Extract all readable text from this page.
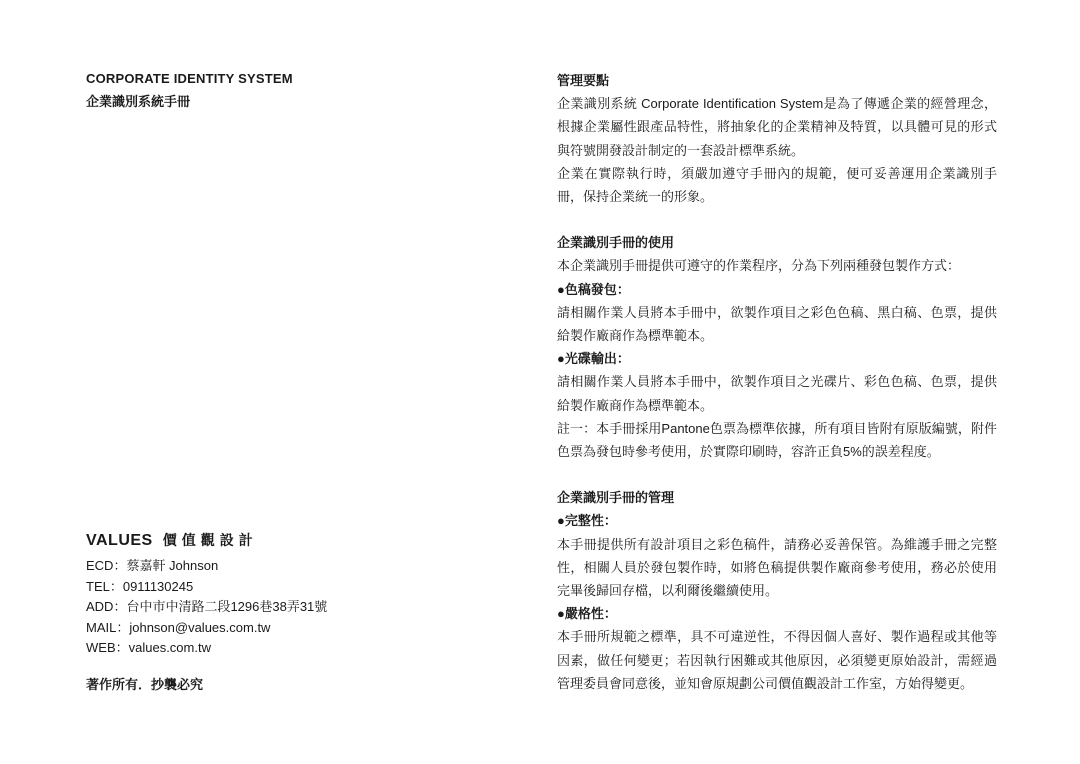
CORPORATE IDENTITY SYSTEM

企業識別系統手冊

VALUES 價值觀設計
ECD：蔡嘉軒 Johnson
TEL：0911130245
ADD：台中市中清路二段1296巷38弄31號
MAIL：johnson@values.com.tw
WEB：values.com.tw
著作所有．抄襲必究

管理要點

企業識別系統 Corporate Identification System是為了傳遞企業的經營理念，根據企業屬性跟產品特性，將抽象化的企業精神及特質，以具體可見的形式與符號開發設計制定的一套設計標準系統。

企業在實際執行時，須嚴加遵守手冊內的規範，便可妥善運用企業識別手冊，保持企業統一的形象。

企業識別手冊的使用

本企業識別手冊提供可遵守的作業程序，分為下列兩種發包製作方式：

●色稿發包：

請相關作業人員將本手冊中，欲製作項目之彩色色稿、黑白稿、色票，提供給製作廠商作為標準範本。

●光碟輸出：

請相關作業人員將本手冊中，欲製作項目之光碟片、彩色色稿、色票，提供給製作廠商作為標準範本。

註一：本手冊採用Pantone色票為標準依據，所有項目皆附有原版編號，附件色票為發包時參考使用，於實際印刷時，容許正負5%的誤差程度。

企業識別手冊的管理

●完整性：

本手冊提供所有設計項目之彩色稿件，請務必妥善保管。為維護手冊之完整性，相關人員於發包製作時，如將色稿提供製作廠商參考使用，務必於使用完畢後歸回存檔，以利爾後繼續使用。

●嚴格性：

本手冊所規範之標準，具不可違逆性，不得因個人喜好、製作過程或其他等因素，做任何變更；若因執行困難或其他原因，必須變更原始設計，需經過管理委員會同意後，並知會原規劃公司價值觀設計工作室，方始得變更。
